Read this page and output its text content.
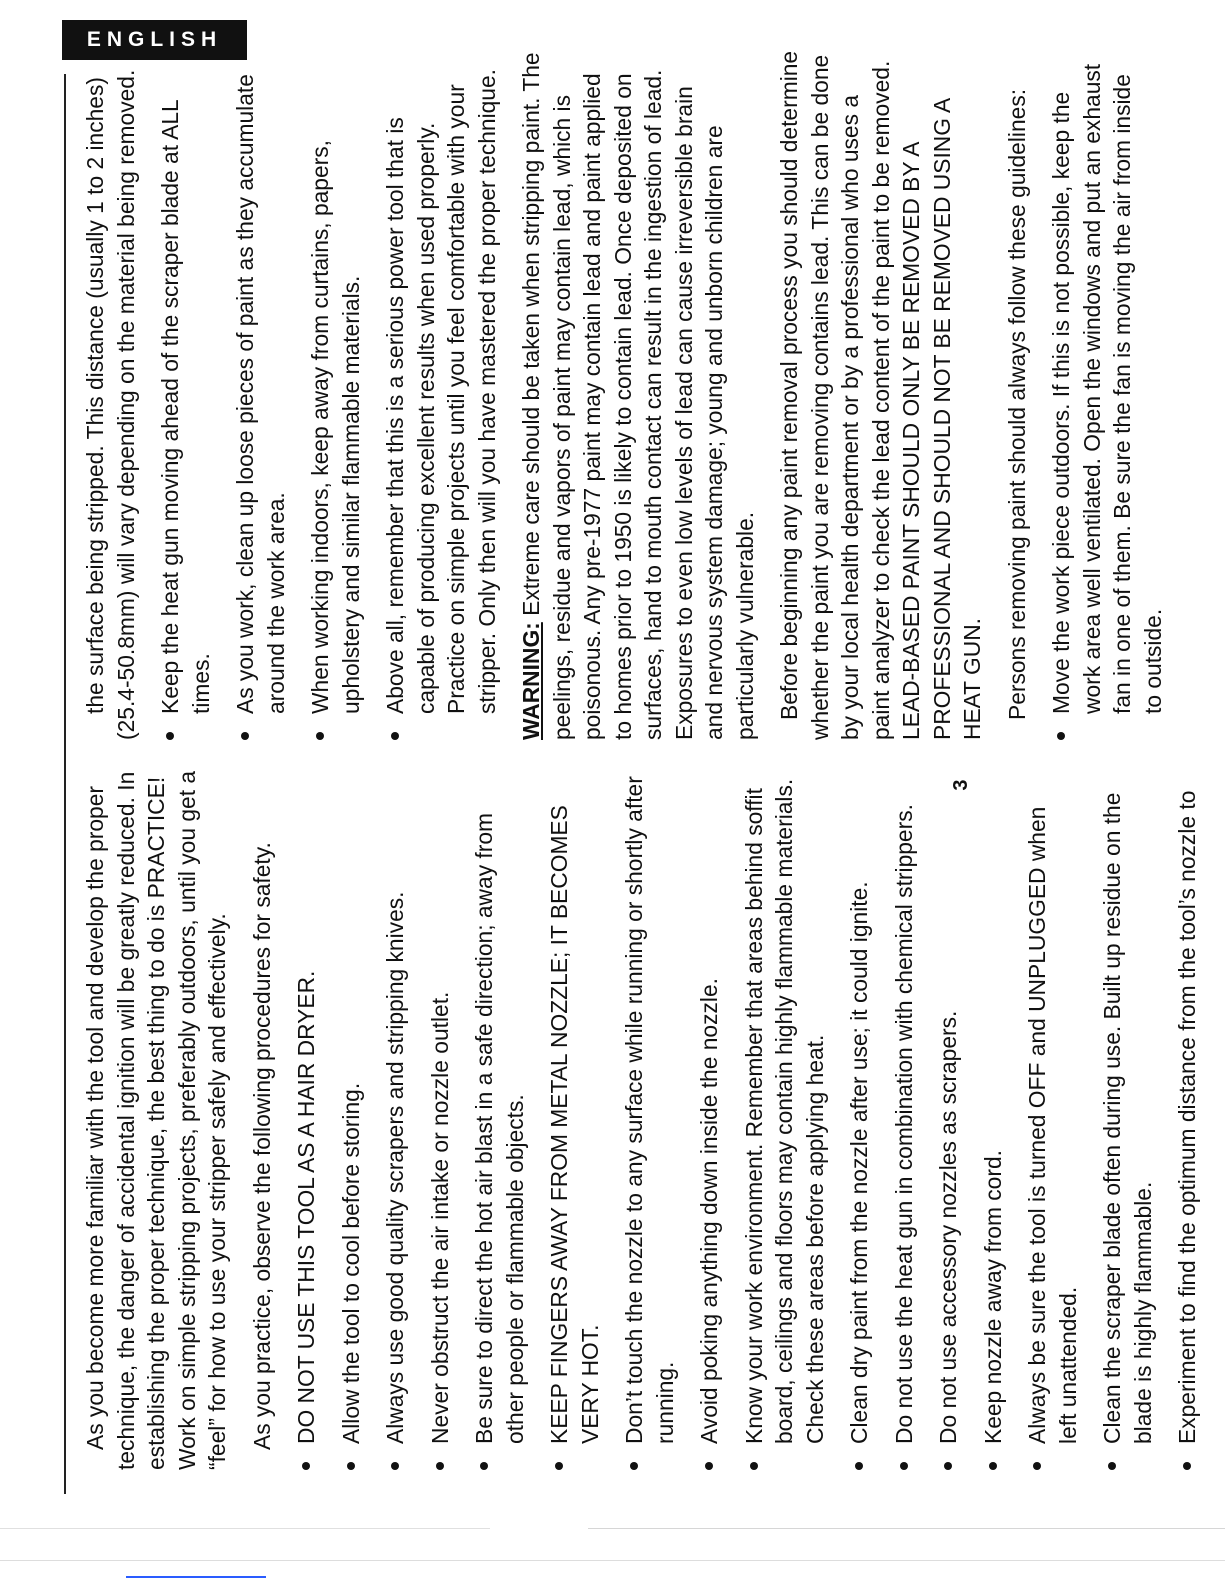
ENGLISH

As you become more familiar with the tool and develop the proper technique, the danger of accidental ignition will be greatly reduced. In establishing the proper technique, the best thing to do is PRACTICE! Work on simple stripping projects, preferably outdoors, until you get a “feel” for how to use your stripper safely and effectively. As you practice, observe the following procedures for safety. DO NOT USE THIS TOOL AS A HAIR DRYER. Allow the tool to cool before storing. Always use good quality scrapers and stripping knives. Never obstruct the air intake or nozzle outlet. Be sure to direct the hot air blast in a safe direction; away from other people or flammable objects. KEEP FINGERS AWAY FROM METAL NOZZLE; IT BECOMES VERY HOT. Don’t touch the nozzle to any surface while running or shortly after running. Avoid poking anything down inside the nozzle. Know your work environment. Remember that areas behind soffit board, ceilings and floors may contain highly flammable materials. Check these areas before applying heat. Clean dry paint from the nozzle after use; it could ignite. Do not use the heat gun in combination with chemical strippers. Do not use accessory nozzles as scrapers. Keep nozzle away from cord. Always be sure the tool is turned OFF and UNPLUGGED when left unattended. Clean the scraper blade often during use. Built up residue on the blade is highly flammable. Experiment to find the optimum distance from the tool’s nozzle to

the surface being stripped. This distance (usually 1 to 2 inches) (25.4-50.8mm) will vary depending on the material being removed. Keep the heat gun moving ahead of the scraper blade at ALL times. As you work, clean up loose pieces of paint as they accumulate around the work area. When working indoors, keep away from curtains, papers, upholstery and similar flammable materials. Above all, remember that this is a serious power tool that is capable of producing excellent results when used properly. Practice on simple projects until you feel comfortable with your stripper. Only then will you have mastered the proper technique. WARNING: Extreme care should be taken when stripping paint. The peelings, residue and vapors of paint may contain lead, which is poisonous. Any pre-1977 paint may contain lead and paint applied to homes prior to 1950 is likely to contain lead. Once deposited on surfaces, hand to mouth contact can result in the ingestion of lead. Exposures to even low levels of lead can cause irreversible brain and nervous system damage; young and unborn children are particularly vulnerable. Before beginning any paint removal process you should determine whether the paint you are removing contains lead. This can be done by your local health department or by a professional who uses a paint analyzer to check the lead content of the paint to be removed. LEAD-BASED PAINT SHOULD ONLY BE REMOVED BY A PROFESSIONAL AND SHOULD NOT BE REMOVED USING A HEAT GUN. Persons removing paint should always follow these guidelines: Move the work piece outdoors. If this is not possible, keep the work area well ventilated. Open the windows and put an exhaust fan in one of them. Be sure the fan is moving the air from inside to outside.
3
